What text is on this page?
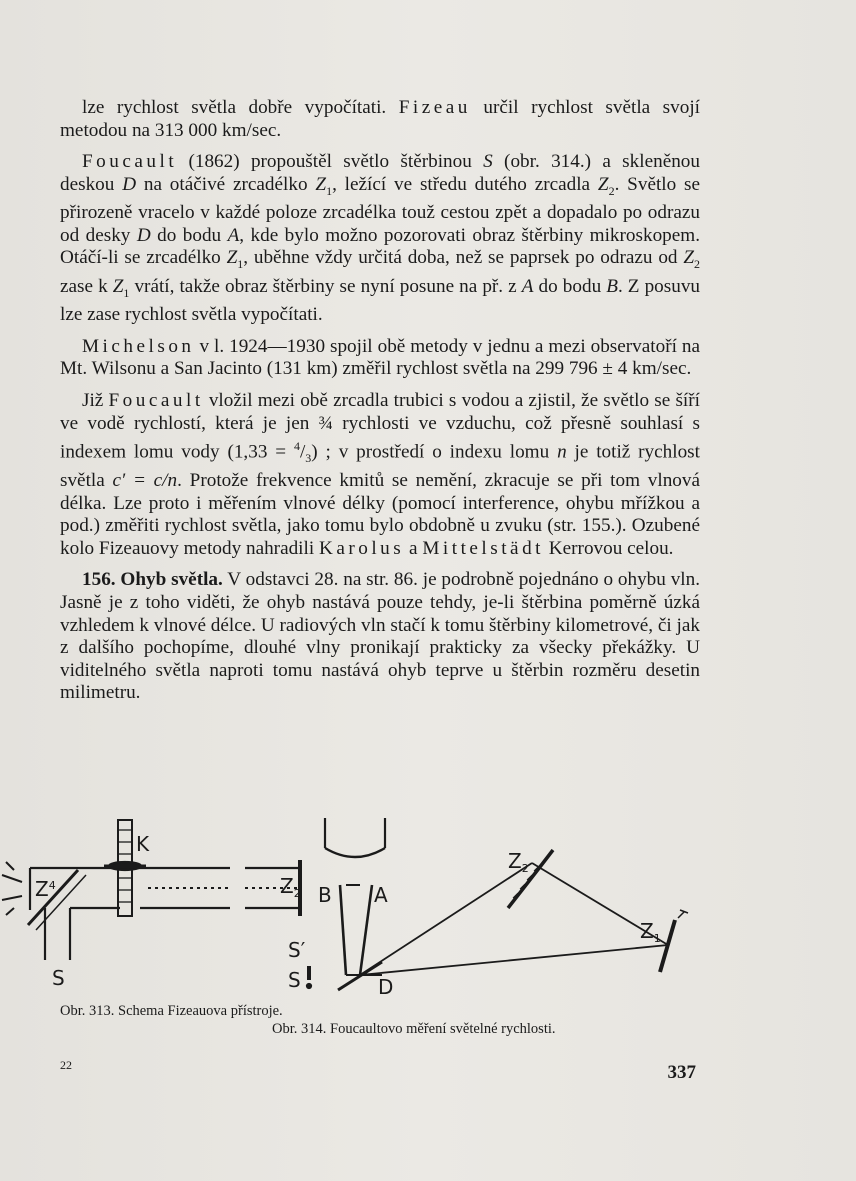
lze rychlost světla dobře vypočítati. Fizeau určil rychlost světla svojí metodou na 313 000 km/sec.

Foucault (1862) propouštěl světlo štěrbinou S (obr. 314.) a skleněnou deskou D na otáčivé zrcadélko $Z_1$, ležící ve středu dutého zrcadla $Z_2$. Světlo se přirozeně vracelo v každé poloze zrcadélka touž cestou zpět a dopadalo po odrazu od desky D do bodu A, kde bylo možno pozorovati obraz štěrbiny mikroskopem. Otáčí-li se zrcadélko $Z_1$, uběhne vždy určitá doba, než se paprsek po odrazu od $Z_2$ zase k $Z_1$ vrátí, takže obraz štěrbiny se nyní posune na př. z A do bodu B. Z posuvu lze zase rychlost světla vypočítati.

Michelson v l. 1924—1930 spojil obě metody v jednu a mezi observatoří na Mt. Wilsonu a San Jacinto (131 km) změřil rychlost světla na 299 796 ± 4 km/sec.

Již Foucault vložil mezi obě zrcadla trubici s vodou a zjistil, že světlo se šíří ve vodě rychlostí, která je jen ¾ rychlosti ve vzduchu, což přesně souhlasí s indexem lomu vody $(1,33 = ^4/_3)$ ; v prostředí o indexu lomu n je totiž rychlost světla c′ = c/n. Protože frekvence kmitů se nemění, zkracuje se při tom vlnová délka. Lze proto i měřením vlnové délky (pomocí interference, ohybu mřížkou a pod.) změřiti rychlost světla, jako tomu bylo obdobně u zvuku (str. 155.). Ozubené kolo Fizeauovy metody nahradili Karolus a Mittelstädt Kerrovou celou.

156. Ohyb světla. V odstavci 28. na str. 86. je podrobně pojednáno o ohybu vln. Jasně je z toho viděti, že ohyb nastává pouze tehdy, je-li štěrbina poměrně úzká vzhledem k vlnové délce. U radiových vln stačí k tomu štěrbiny kilometrové, či jak z dalšího pochopíme, dlouhé vlny pronikají prakticky za všecky překážky. U viditelného světla naproti tomu nastává ohyb teprve u štěrbin rozměru desetin milimetru.

K
$Z^4$	$Z_2$
S
B A
S′
S	D
$Z_2$
$Z_1$
Obr. 313. Schema Fizeauova přístroje.
Obr. 314. Foucaultovo měření světelné rychlosti.
22	337
